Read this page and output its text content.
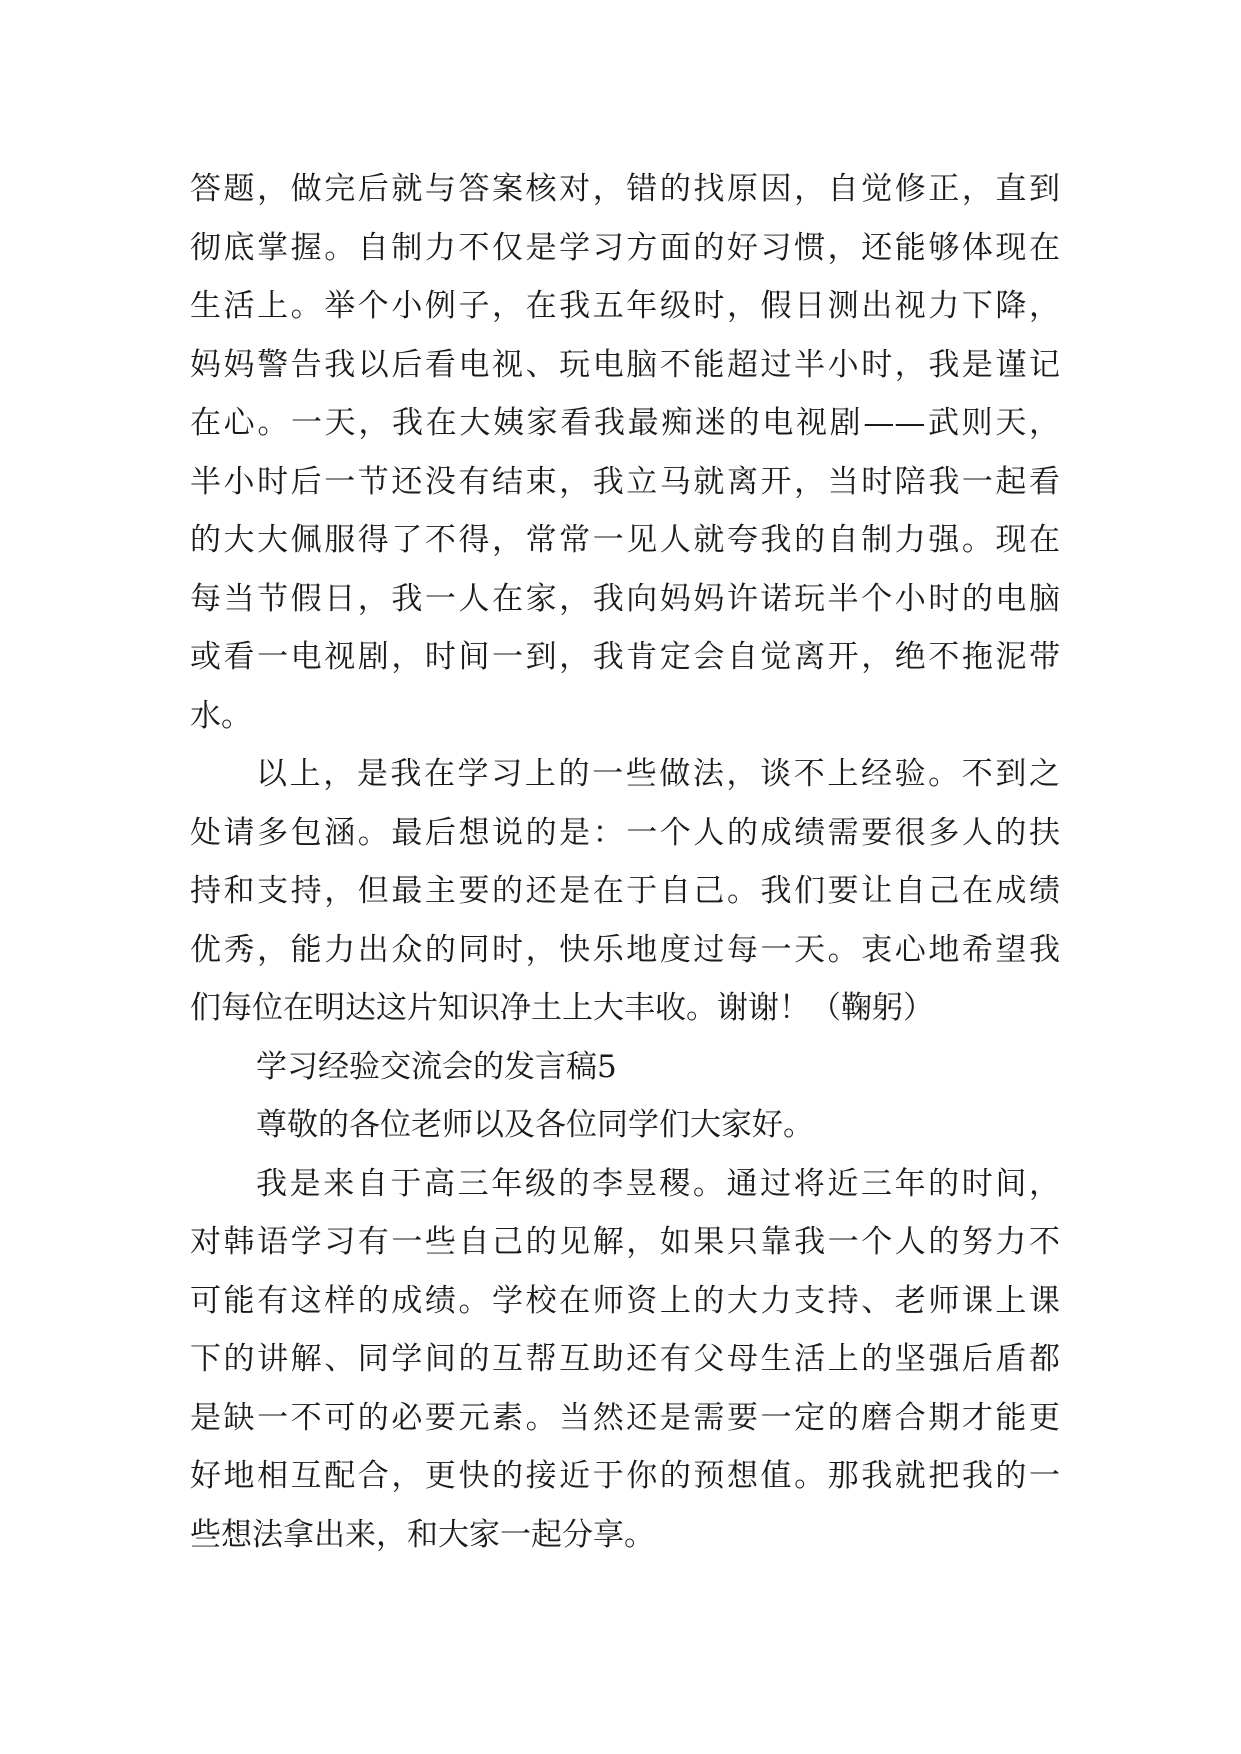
答题，做完后就与答案核对，错的找原因，自觉修正，直到
彻底掌握。自制力不仅是学习方面的好习惯，还能够体现在
生活上。举个小例子，在我五年级时，假日测出视力下降，
妈妈警告我以后看电视、玩电脑不能超过半小时，我是谨记
在心。一天，我在大姨家看我最痴迷的电视剧——武则天，
半小时后一节还没有结束，我立马就离开，当时陪我一起看
的大大佩服得了不得，常常一见人就夸我的自制力强。现在
每当节假日，我一人在家，我向妈妈许诺玩半个小时的电脑
或看一电视剧，时间一到，我肯定会自觉离开，绝不拖泥带
水。
以上，是我在学习上的一些做法，谈不上经验。不到之
处请多包涵。最后想说的是：一个人的成绩需要很多人的扶
持和支持，但最主要的还是在于自己。我们要让自己在成绩
优秀，能力出众的同时，快乐地度过每一天。衷心地希望我
们每位在明达这片知识净土上大丰收。谢谢！（鞠躬）
学习经验交流会的发言稿5
尊敬的各位老师以及各位同学们大家好。
我是来自于高三年级的李昱稷。通过将近三年的时间，
对韩语学习有一些自己的见解，如果只靠我一个人的努力不
可能有这样的成绩。学校在师资上的大力支持、老师课上课
下的讲解、同学间的互帮互助还有父母生活上的坚强后盾都
是缺一不可的必要元素。当然还是需要一定的磨合期才能更
好地相互配合，更快的接近于你的预想值。那我就把我的一
些想法拿出来，和大家一起分享。
